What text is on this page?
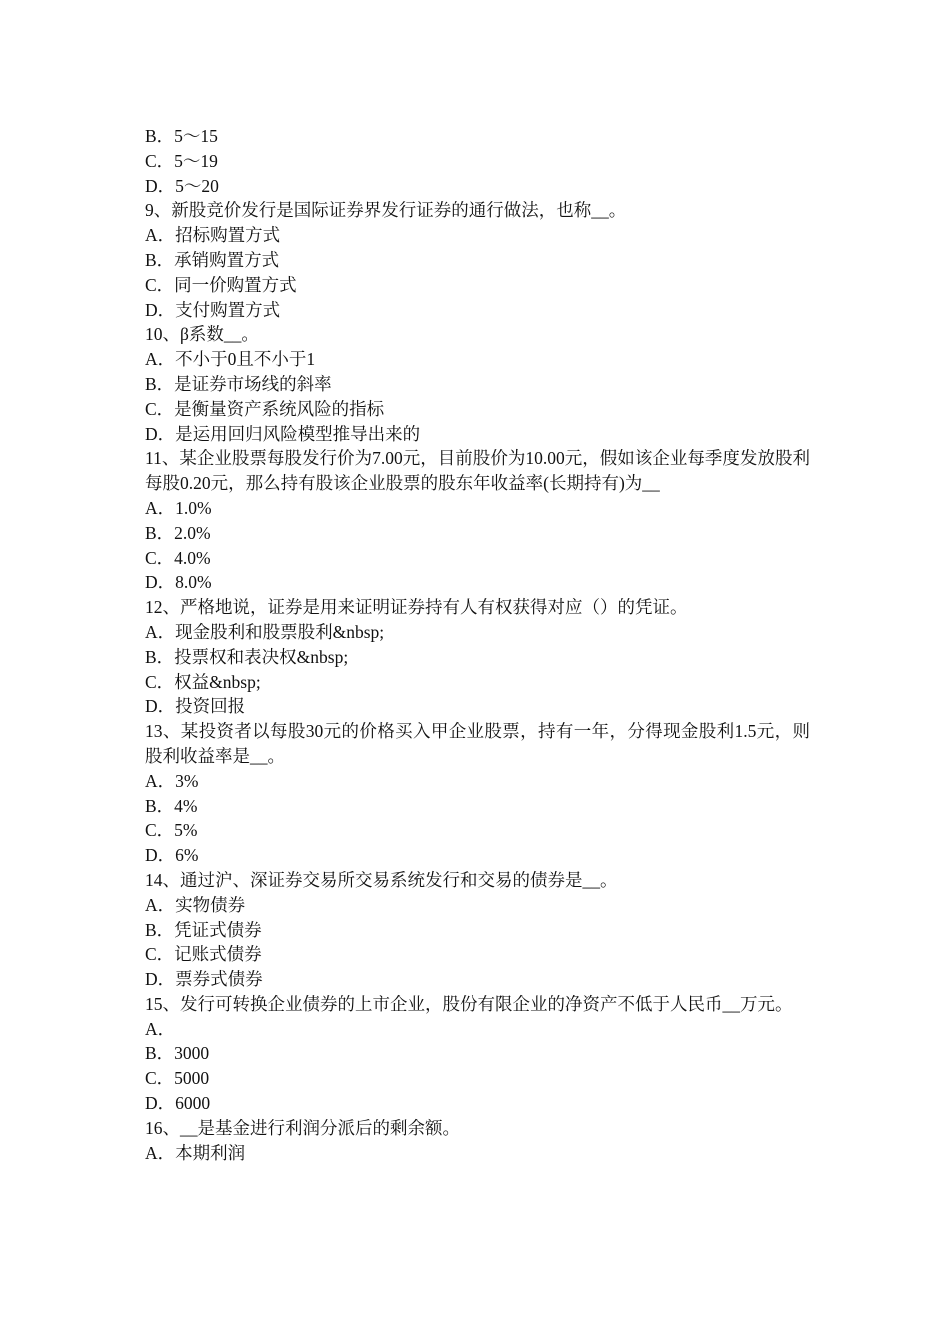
B．5～15

C．5～19

D．5～20

9、新股竞价发行是国际证券界发行证券的通行做法，也称__。

A．招标购置方式

B．承销购置方式

C．同一价购置方式

D．支付购置方式

10、β系数__。

A．不小于0且不小于1

B．是证券市场线的斜率

C．是衡量资产系统风险的指标

D．是运用回归风险模型推导出来的

11、某企业股票每股发行价为7.00元，目前股价为10.00元，假如该企业每季度发放股利每股0.20元，那么持有股该企业股票的股东年收益率(长期持有)为__

A．1.0%

B．2.0%

C．4.0%

D．8.0%

12、严格地说，证券是用来证明证券持有人有权获得对应（）的凭证。

A．现金股利和股票股利&nbsp;

B．投票权和表决权&nbsp;

C．权益&nbsp;

D．投资回报

13、某投资者以每股30元的价格买入甲企业股票，持有一年，分得现金股利1.5元，则股利收益率是__。

A．3%

B．4%

C．5%

D．6%

14、通过沪、深证券交易所交易系统发行和交易的债券是__。

A．实物债券

B．凭证式债券

C．记账式债券

D．票券式债券

15、发行可转换企业债券的上市企业，股份有限企业的净资产不低于人民币__万元。

A．

B．3000

C．5000

D．6000

16、__是基金进行利润分派后的剩余额。

A．本期利润
